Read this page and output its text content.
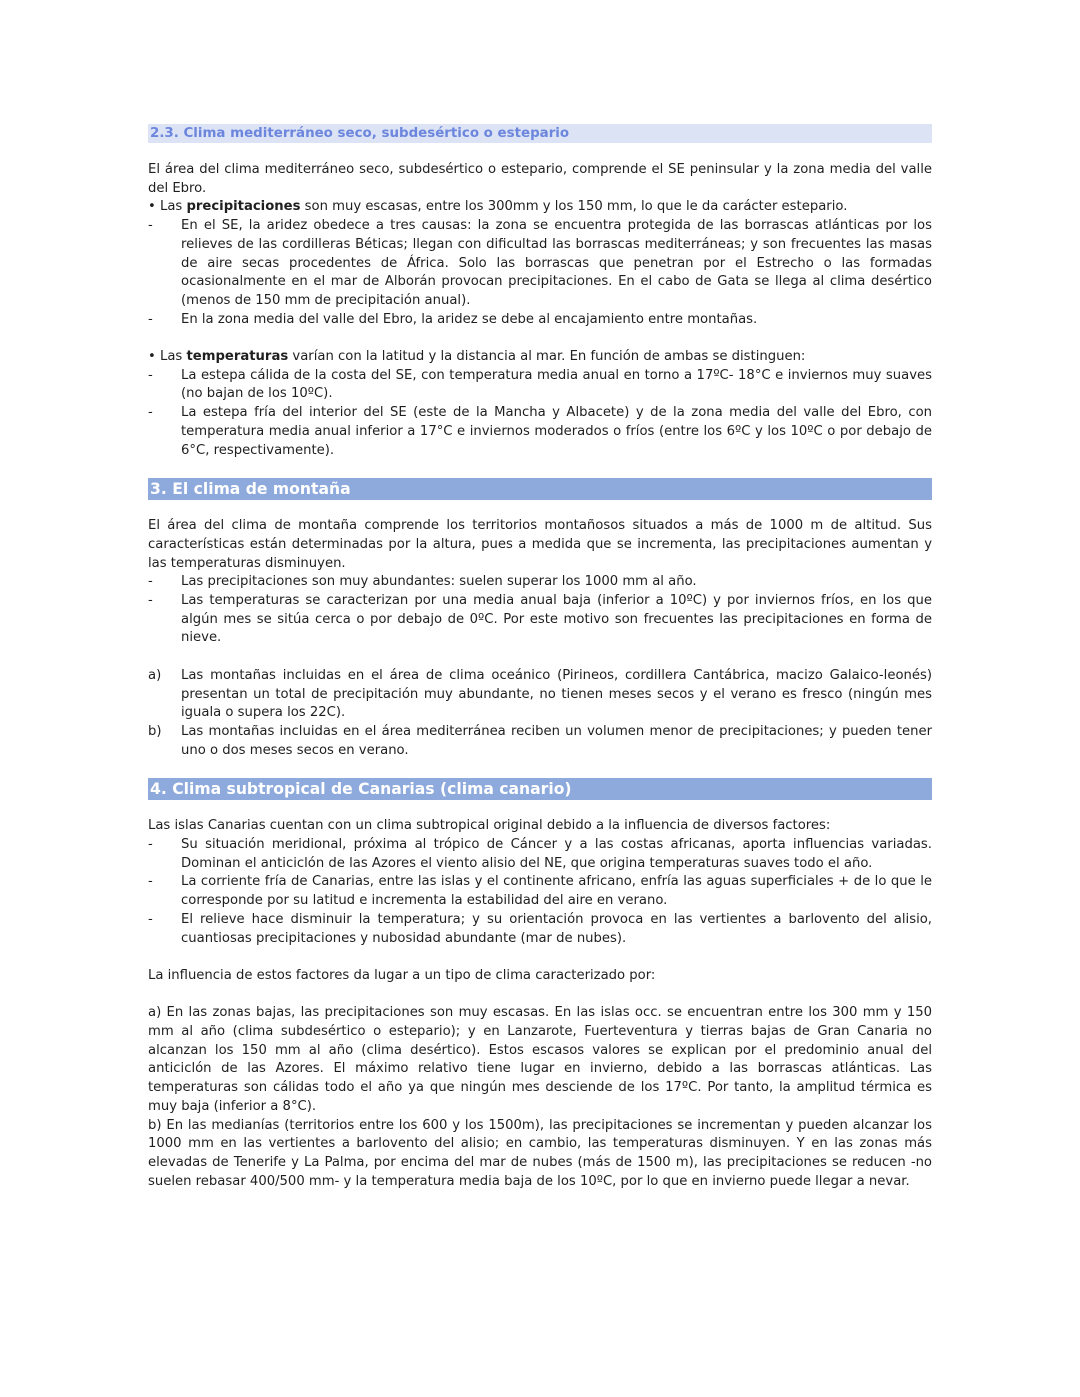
2.3. Clima mediterráneo seco, subdesértico o estepario

El área del clima mediterráneo seco, subdesértico o estepario, comprende el SE peninsular y la zona media del valle del Ebro.

• Las precipitaciones son muy escasas, entre los 300mm y los 150 mm, lo que le da carácter estepario.

-	En el SE, la aridez obedece a tres causas: la zona se encuentra protegida de las borrascas atlánticas por los relieves de las cordilleras Béticas; llegan con dificultad las borrascas mediterráneas; y son frecuentes las masas de aire secas procedentes de África. Solo las borrascas que penetran por el Estrecho o las formadas ocasionalmente en el mar de Alborán provocan precipitaciones. En el cabo de Gata se llega al clima desértico (menos de 150 mm de precipitación anual).

-	En la zona media del valle del Ebro, la aridez se debe al encajamiento entre montañas.

• Las temperaturas varían con la latitud y la distancia al mar. En función de ambas se distinguen:

-	La estepa cálida de la costa del SE, con temperatura media anual en torno a 17ºC- 18°C e inviernos muy suaves (no bajan de los 10ºC).

-	La estepa fría del interior del SE (este de la Mancha y Albacete) y de la zona media del valle del Ebro, con temperatura media anual inferior a 17°C e inviernos moderados o fríos (entre los 6ºC y los 10ºC o por debajo de 6°C, respectivamente).

3. El clima de montaña

El área del clima de montaña comprende los territorios montañosos situados a más de 1000 m de altitud. Sus características están determinadas por la altura, pues a medida que se incrementa, las precipitaciones aumentan y las temperaturas disminuyen.

-	Las precipitaciones son muy abundantes: suelen superar los 1000 mm al año.

-	Las temperaturas se caracterizan por una media anual baja (inferior a 10ºC) y por inviernos fríos, en los que algún mes se sitúa cerca o por debajo de 0ºC. Por este motivo son frecuentes las precipitaciones en forma de nieve.

a)	Las montañas incluidas en el área de clima oceánico (Pirineos, cordillera Cantábrica, macizo Galaico-leonés) presentan un total de precipitación muy abundante, no tienen meses secos y el verano es fresco (ningún mes iguala o supera los 22C).

b)	Las montañas incluidas en el área mediterránea reciben un volumen menor de precipitaciones; y pueden tener uno o dos meses secos en verano.

4. Clima subtropical de Canarias (clima canario)

Las islas Canarias cuentan con un clima subtropical original debido a la influencia de diversos factores:

-	Su situación meridional, próxima al trópico de Cáncer y a las costas africanas, aporta influencias variadas. Dominan el anticiclón de las Azores el viento alisio del NE, que origina temperaturas suaves todo el año.

-	La corriente fría de Canarias, entre las islas y el continente africano, enfría las aguas superficiales + de lo que le corresponde por su latitud e incrementa la estabilidad del aire en verano.

-	El relieve hace disminuir la temperatura; y su orientación provoca en las vertientes a barlovento del alisio, cuantiosas precipitaciones y nubosidad abundante (mar de nubes).

La influencia de estos factores da lugar a un tipo de clima caracterizado por:

a) En las zonas bajas, las precipitaciones son muy escasas. En las islas occ. se encuentran entre los 300 mm y 150 mm al año (clima subdesértico o estepario); y en Lanzarote, Fuerteventura y tierras bajas de Gran Canaria no alcanzan los 150 mm al año (clima desértico). Estos escasos valores se explican por el predominio anual del anticiclón de las Azores. El máximo relativo tiene lugar en invierno, debido a las borrascas atlánticas. Las temperaturas son cálidas todo el año ya que ningún mes desciende de los 17ºC. Por tanto, la amplitud térmica es muy baja (inferior a 8°C).

b) En las medianías (territorios entre los 600 y los 1500m), las precipitaciones se incrementan y pueden alcanzar los 1000 mm en las vertientes a barlovento del alisio; en cambio, las temperaturas disminuyen. Y en las zonas más elevadas de Tenerife y La Palma, por encima del mar de nubes (más de 1500 m), las precipitaciones se reducen -no suelen rebasar 400/500 mm- y la temperatura media baja de los 10ºC, por lo que en invierno puede llegar a nevar.
